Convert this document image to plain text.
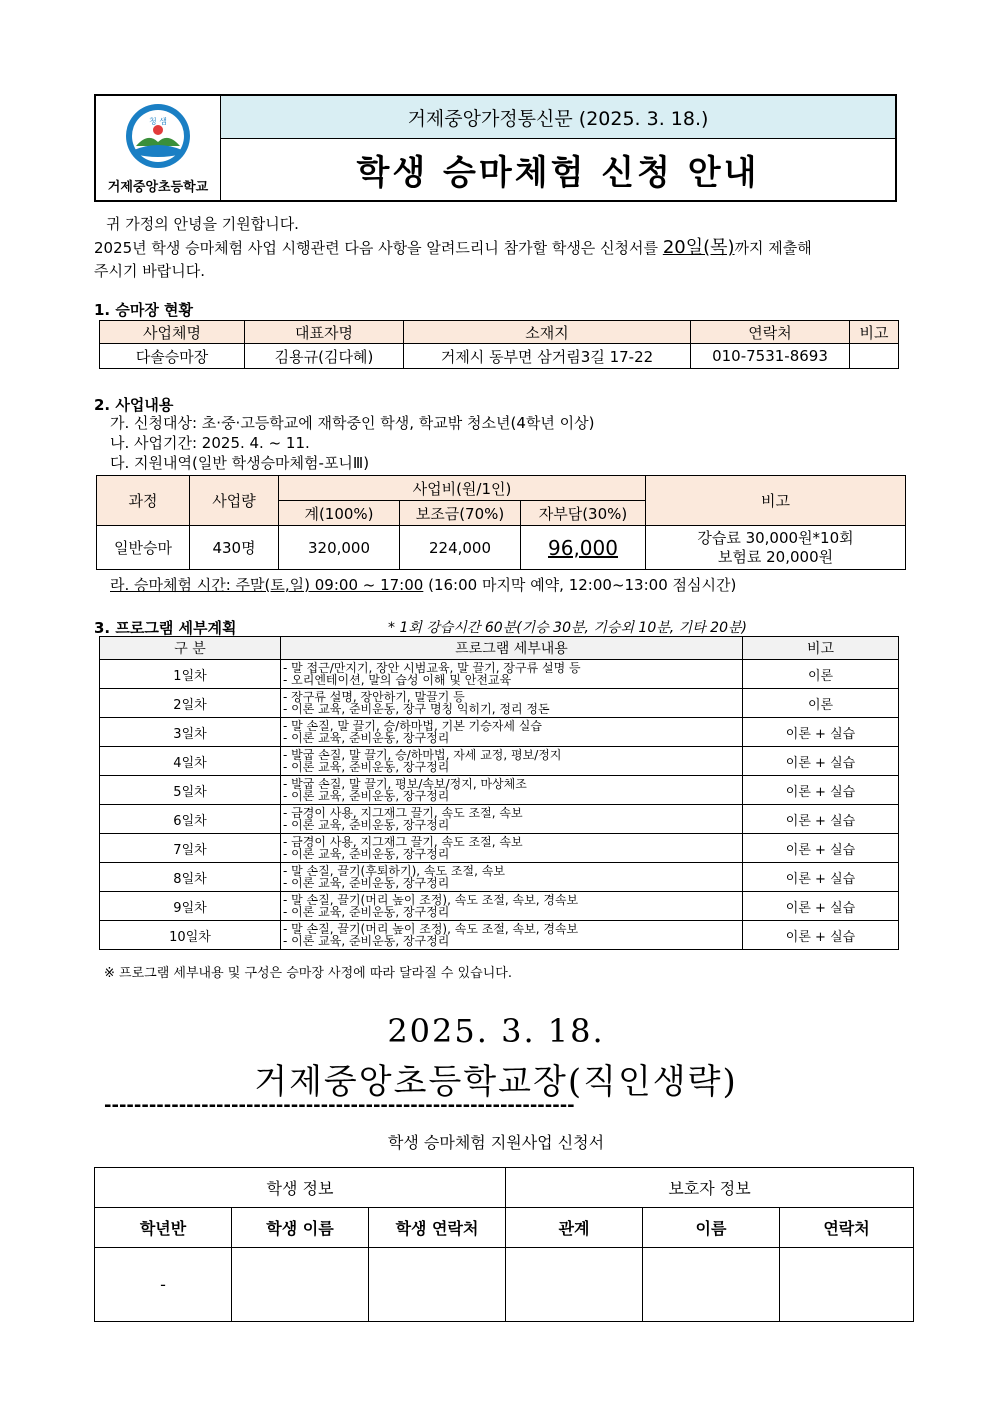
청 샘
거제중앙초등학교
거제중앙가정통신문 (2025. 3. 18.)
학생 승마체험 신청 안내
귀 가정의 안녕을 기원합니다.
2025년 학생 승마체험 사업 시행관련 다음 사항을 알려드리니 참가할 학생은 신청서를 20일(목)까지 제출해
주시기 바랍니다.
1. 승마장 현황
사업체명	대표자명	소재지	연락처	비고
다솔승마장	김용규(김다혜)	거제시 동부면 삼거림3길 17-22	010-7531-8693	
2. 사업내용
가. 신청대상: 초·중·고등학교에 재학중인 학생, 학교밖 청소년(4학년 이상)
나. 사업기간: 2025. 4. ~ 11.
다. 지원내역(일반 학생승마체험-포니Ⅲ)
과정	사업량	사업비(원/1인)			비고
		계(100%)	보조금(70%)	자부담(30%)	
일반승마	430명	320,000	224,000	96,000	강습료 30,000원*10회
보험료 20,000원
라. 승마체험 시간: 주말(토,일) 09:00 ~ 17:00 (16:00 마지막 예약, 12:00~13:00 점심시간)
3. 프로그램 세부계획	* 1회 강습시간 60분(기승 30분, 기승외 10분, 기타 20분)
구 분	프로그램 세부내용	비고
1일차	- 말 접근/만지기, 장안 시범교육, 말 끌기, 장구류 설명 등
- 오리엔테이션, 말의 습성 이해 및 안전교육	이론
2일차	- 장구류 설명, 장안하기, 말끌기 등
- 이론 교육, 준비운동, 장구 명칭 익히기, 정리 정돈	이론
3일차	- 말 손질, 말 끌기, 승/하마법, 기본 기승자세 실습
- 이론 교육, 준비운동, 장구정리	이론 + 실습
4일차	- 발굽 손질, 말 끌기, 승/하마법, 자세 교정, 평보/정지
- 이론 교육, 준비운동, 장구정리	이론 + 실습
5일차	- 발굽 손질, 말 끌기, 평보/속보/정지, 마상체조
- 이론 교육, 준비운동, 장구정리	이론 + 실습
6일차	- 금경이 사용, 지그재그 끌기, 속도 조절, 속보
- 이론 교육, 준비운동, 장구정리	이론 + 실습
7일차	- 금경이 사용, 지그재그 끌기, 속도 조절, 속보
- 이론 교육, 준비운동, 장구정리	이론 + 실습
8일차	- 말 손질, 끌기(후퇴하기), 속도 조절, 속보
- 이론 교육, 준비운동, 장구정리	이론 + 실습
9일차	- 말 손질, 끌기(머리 높이 조정), 속도 조절, 속보, 경속보
- 이론 교육, 준비운동, 장구정리	이론 + 실습
10일차	- 말 손질, 끌기(머리 높이 조정), 속도 조절, 속보, 경속보
- 이론 교육, 준비운동, 장구정리	이론 + 실습
※ 프로그램 세부내용 및 구성은 승마장 사정에 따라 달라질 수 있습니다.
2025. 3. 18.
거제중앙초등학교장(직인생략)
---------------------------------------------------------------
학생 승마체험 지원사업 신청서
학생 정보			보호자 정보		
학년반	학생 이름	학생 연락처	관계	이름	연락처
-					
